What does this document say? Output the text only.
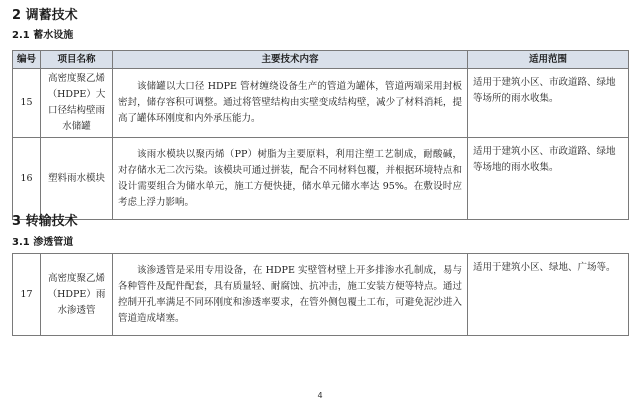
2 调蓄技术
2.1 蓄水设施
编号	项目名称	主要技术内容	适用范围
15	高密度聚乙烯（HDPE）大口径结构壁雨水储罐	该储罐以大口径 HDPE 管材缠绕设备生产的管道为罐体，管道两端采用封板密封，储存容积可调整。通过将管壁结构由实壁变成结构壁，减少了材料消耗，提高了罐体环刚度和内外承压能力。	适用于建筑小区、市政道路、绿地等场所的雨水收集。
16	塑料雨水模块	该雨水模块以聚丙烯（PP）树脂为主要原料，利用注塑工艺制成，耐酸碱，对存储水无二次污染。该模块可通过拼装，配合不同材料包覆，并根据环境特点和设计需要组合为储水单元，施工方便快捷，储水单元储水率达 95%。在敷设时应考虑上浮力影响。	适用于建筑小区、市政道路、绿地等场地的雨水收集。
3 转输技术
3.1 渗透管道
17	高密度聚乙烯（HDPE）雨水渗透管	该渗透管是采用专用设备，在 HDPE 实壁管材壁上开多排渗水孔制成，易与各种管件及配件配套，具有质量轻、耐腐蚀、抗冲击，施工安装方便等特点。通过控制开孔率满足不同环刚度和渗透率要求，在管外侧包覆土工布，可避免泥沙进入管道造成堵塞。	适用于建筑小区、绿地、广场等。
4
